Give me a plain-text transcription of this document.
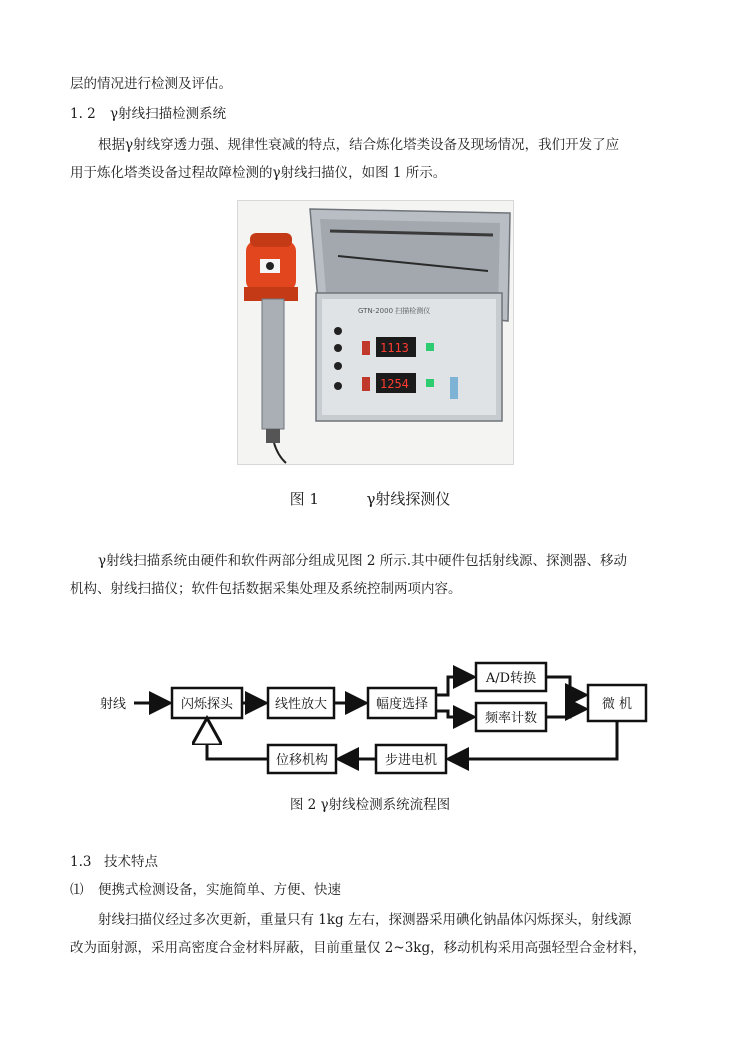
层的情况进行检测及评估。
1. 2 γ射线扫描检测系统
根据γ射线穿透力强、规律性衰减的特点，结合炼化塔类设备及现场情况，我们开发了应
用于炼化塔类设备过程故障检测的γ射线扫描仪，如图 1 所示。
GTN-2000 扫描检测仪
1113
1254
图 1	γ射线探测仪
γ射线扫描系统由硬件和软件两部分组成见图 2 所示.其中硬件包括射线源、探测器、移动
机构、射线扫描仪；软件包括数据采集处理及系统控制两项内容。
射线	闪烁探头	线性放大	幅度选择
A/D转换
频率计数
微 机
步进电机
位移机构
图 2 γ射线检测系统流程图
1.3 技术特点
⑴ 便携式检测设备，实施简单、方便、快速
射线扫描仪经过多次更新，重量只有 1kg 左右，探测器采用碘化钠晶体闪烁探头，射线源
改为面射源，采用高密度合金材料屏蔽，目前重量仅 2~3kg，移动机构采用高强轻型合金材料，
